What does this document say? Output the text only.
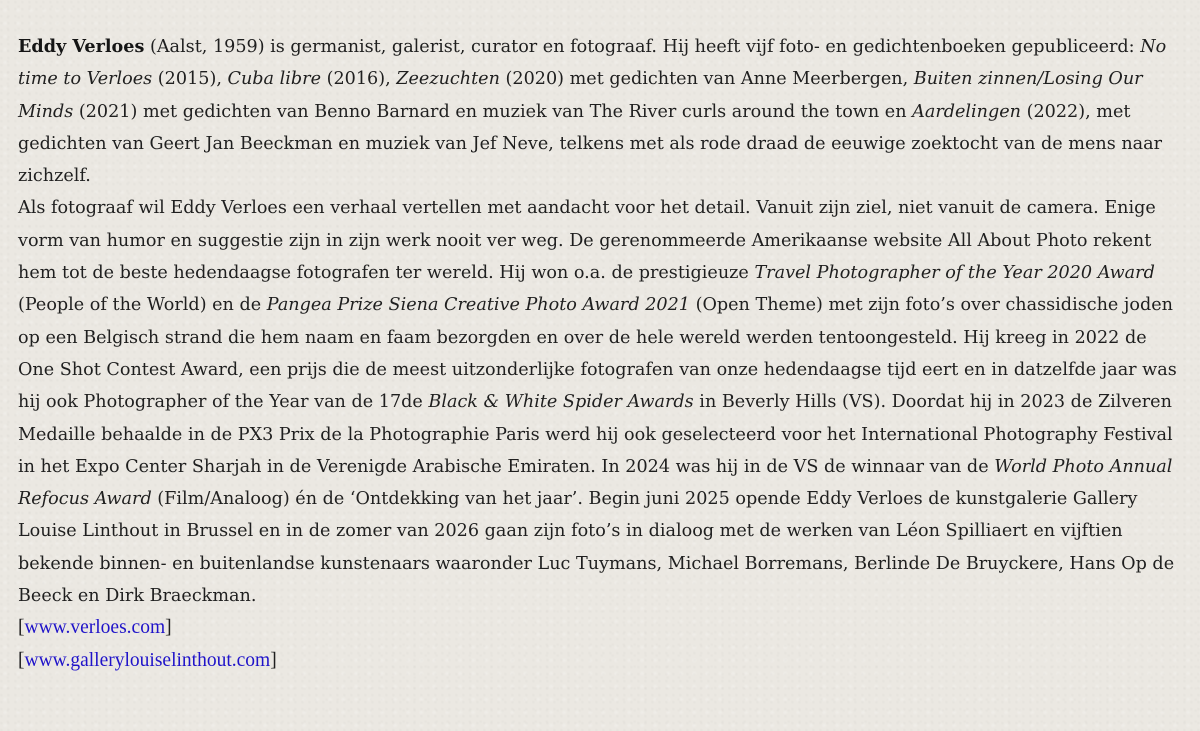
Eddy Verloes (Aalst, 1959) is germanist, galerist, curator en fotograaf. Hij heeft vijf foto- en gedichtenboeken gepubliceerd: No time to Verloes (2015), Cuba libre (2016), Zeezuchten (2020) met gedichten van Anne Meerbergen, Buiten zinnen/Losing Our Minds (2021) met gedichten van Benno Barnard en muziek van The River curls around the town en Aardelingen (2022), met gedichten van Geert Jan Beeckman en muziek van Jef Neve, telkens met als rode draad de eeuwige zoektocht van de mens naar zichzelf.

Als fotograaf wil Eddy Verloes een verhaal vertellen met aandacht voor het detail. Vanuit zijn ziel, niet vanuit de camera. Enige vorm van humor en suggestie zijn in zijn werk nooit ver weg. De gerenommeerde Amerikaanse website All About Photo rekent hem tot de beste hedendaagse fotografen ter wereld. Hij won o.a. de prestigieuze Travel Photographer of the Year 2020 Award (People of the World) en de Pangea Prize Siena Creative Photo Award 2021 (Open Theme) met zijn foto’s over chassidische joden op een Belgisch strand die hem naam en faam bezorgden en over de hele wereld werden tentoongesteld. Hij kreeg in 2022 de One Shot Contest Award, een prijs die de meest uitzonderlijke fotografen van onze hedendaagse tijd eert en in datzelfde jaar was hij ook Photographer of the Year van de 17de Black & White Spider Awards in Beverly Hills (VS). Doordat hij in 2023 de Zilveren Medaille behaalde in de PX3 Prix de la Photographie Paris werd hij ook geselecteerd voor het International Photography Festival in het Expo Center Sharjah in de Verenigde Arabische Emiraten. In 2024 was hij in de VS de winnaar van de World Photo Annual Refocus Award (Film/Analoog) én de ‘Ontdekking van het jaar’. Begin juni 2025 opende Eddy Verloes de kunstgalerie Gallery Louise Linthout in Brussel en in de zomer van 2026 gaan zijn foto’s in dialoog met de werken van Léon Spilliaert en vijftien bekende binnen- en buitenlandse kunstenaars waaronder Luc Tuymans, Michael Borremans, Berlinde De Bruyckere, Hans Op de Beeck en Dirk Braeckman.

[www.verloes.com]

[www.gallerylouiselinthout.com]
